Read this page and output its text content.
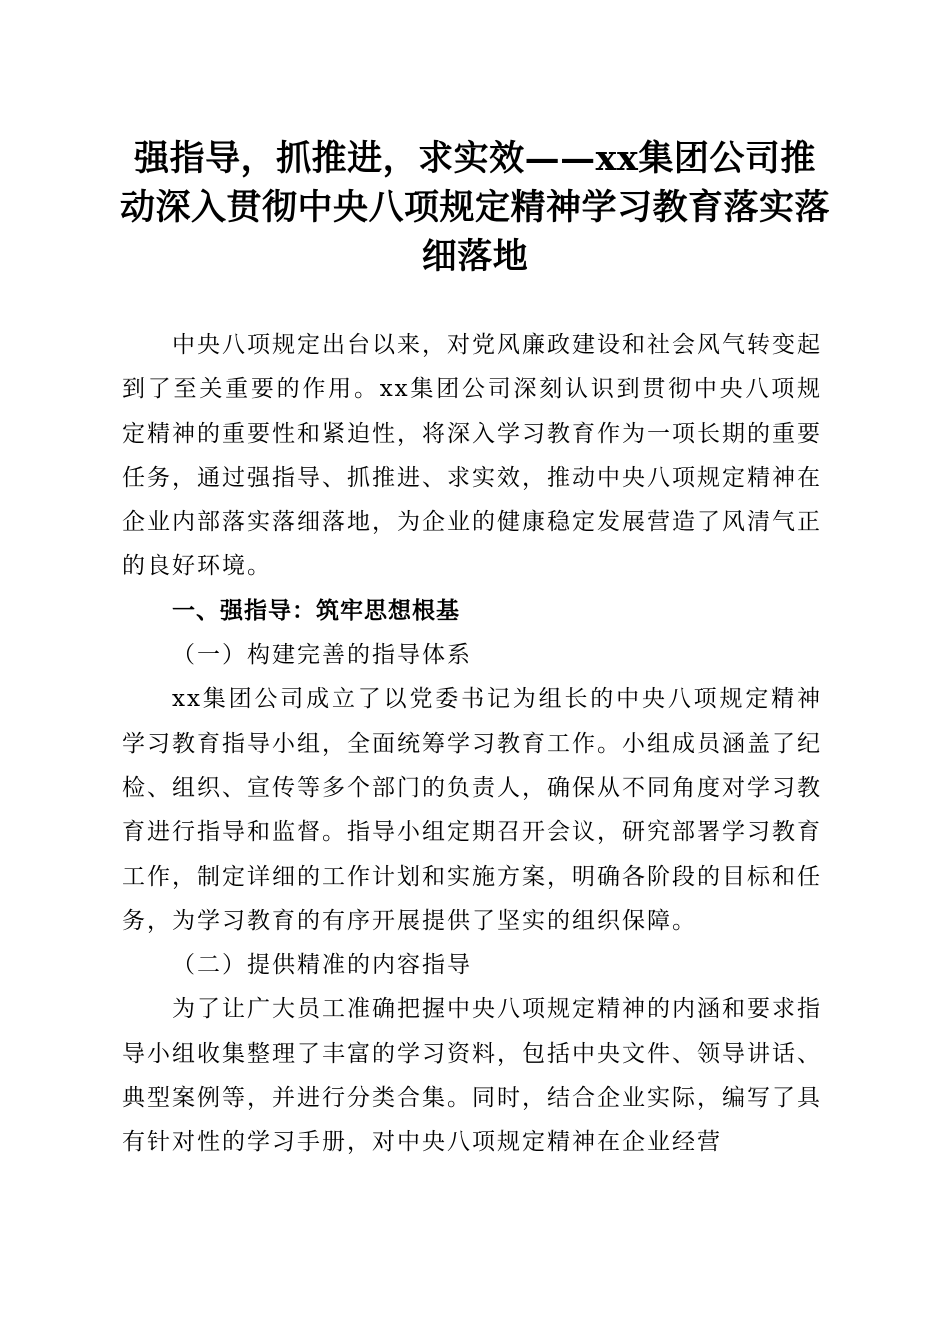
强指导，抓推进，求实效——xx集团公司推动深入贯彻中央八项规定精神学习教育落实落细落地

中央八项规定出台以来，对党风廉政建设和社会风气转变起到了至关重要的作用。xx集团公司深刻认识到贯彻中央八项规定精神的重要性和紧迫性，将深入学习教育作为一项长期的重要任务，通过强指导、抓推进、求实效，推动中央八项规定精神在企业内部落实落细落地，为企业的健康稳定发展营造了风清气正的良好环境。

一、强指导：筑牢思想根基

（一）构建完善的指导体系

xx集团公司成立了以党委书记为组长的中央八项规定精神学习教育指导小组，全面统筹学习教育工作。小组成员涵盖了纪检、组织、宣传等多个部门的负责人，确保从不同角度对学习教育进行指导和监督。指导小组定期召开会议，研究部署学习教育工作，制定详细的工作计划和实施方案，明确各阶段的目标和任务，为学习教育的有序开展提供了坚实的组织保障。

（二）提供精准的内容指导

为了让广大员工准确把握中央八项规定精神的内涵和要求指导小组收集整理了丰富的学习资料，包括中央文件、领导讲话、典型案例等，并进行分类合集。同时，结合企业实际，编写了具有针对性的学习手册，对中央八项规定精神在企业经营
